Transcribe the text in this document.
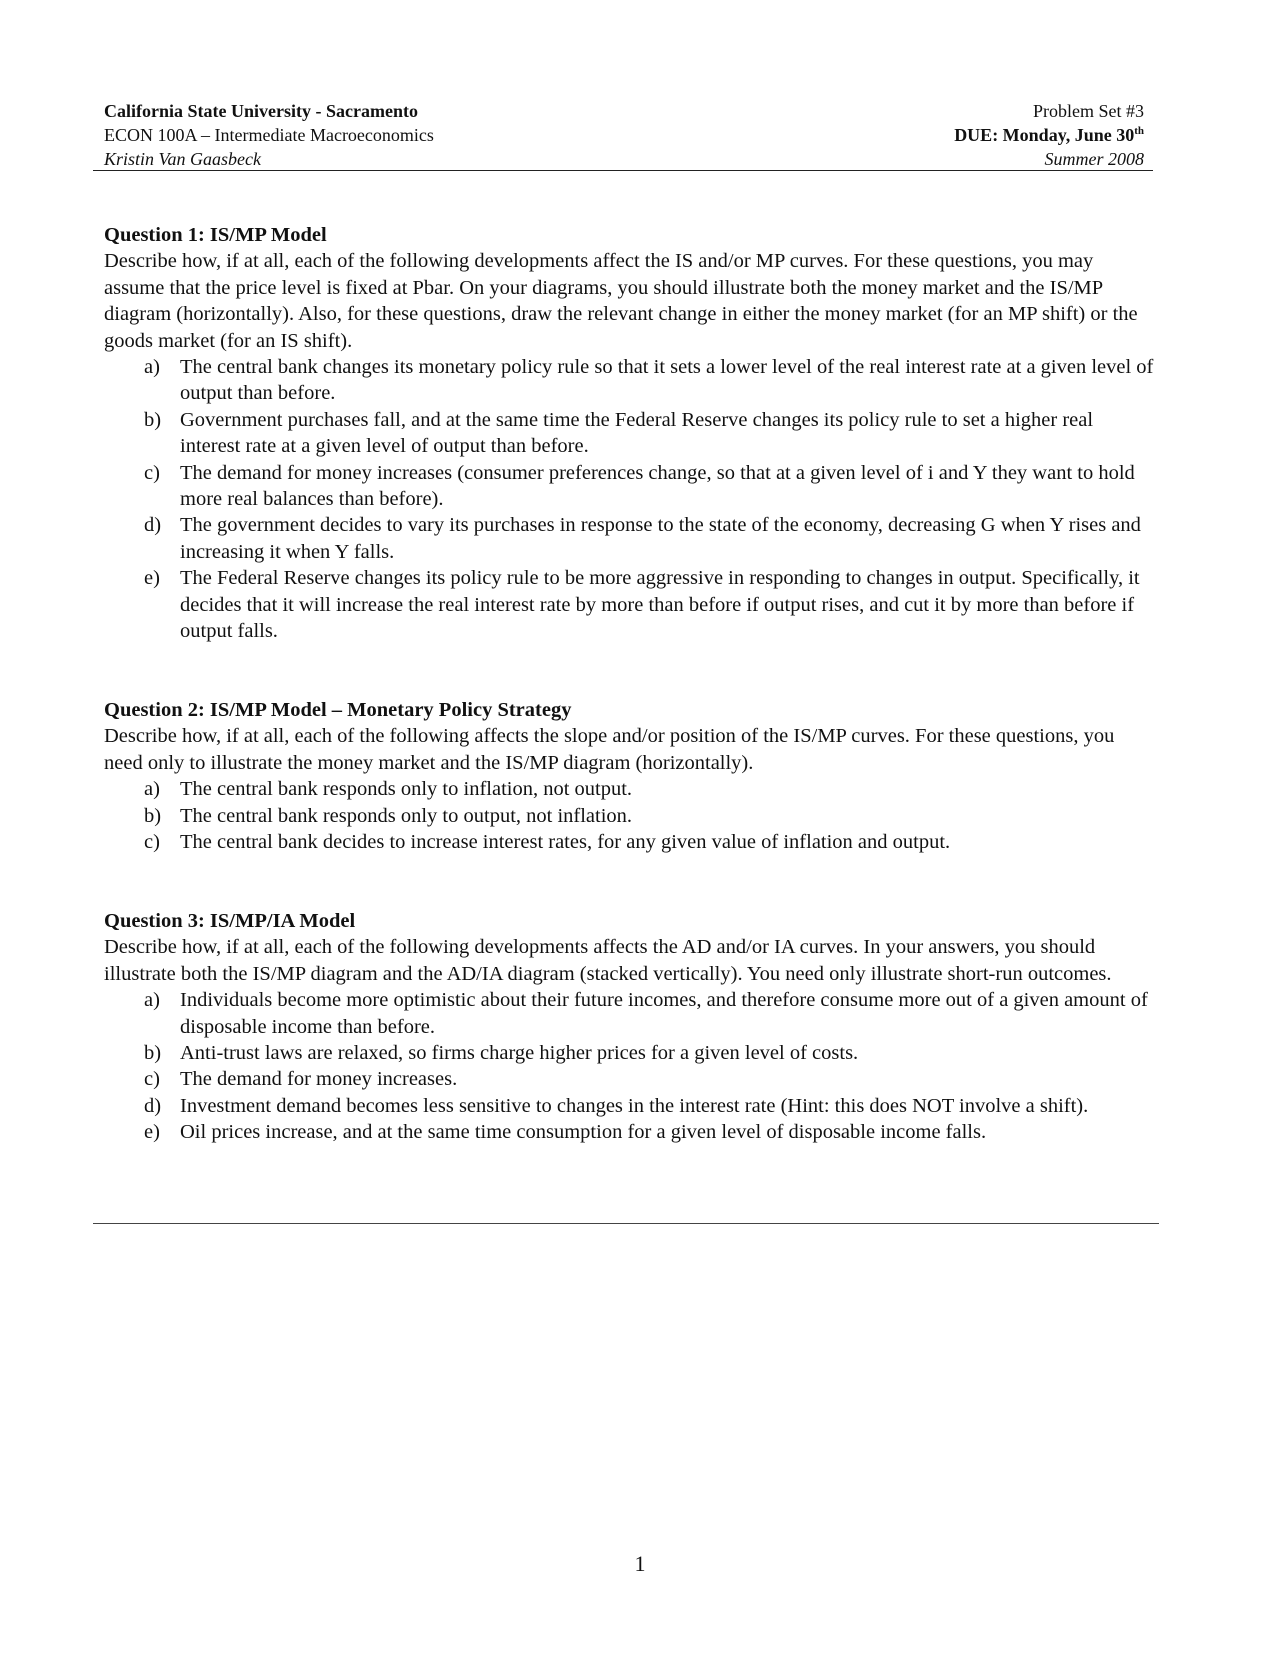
California State University - Sacramento	Problem Set #3
ECON 100A – Intermediate Macroeconomics	DUE: Monday, June 30th
Kristin Van Gaasbeck	Summer 2008
Question 1: IS/MP Model

Describe how, if at all, each of the following developments affect the IS and/or MP curves. For these questions, you may assume that the price level is fixed at Pbar. On your diagrams, you should illustrate both the money market and the IS/MP diagram (horizontally). Also, for these questions, draw the relevant change in either the money market (for an MP shift) or the goods market (for an IS shift).

a) The central bank changes its monetary policy rule so that it sets a lower level of the real interest rate at a given level of output than before.
b) Government purchases fall, and at the same time the Federal Reserve changes its policy rule to set a higher real interest rate at a given level of output than before.
c) The demand for money increases (consumer preferences change, so that at a given level of i and Y they want to hold more real balances than before).
d) The government decides to vary its purchases in response to the state of the economy, decreasing G when Y rises and increasing it when Y falls.
e) The Federal Reserve changes its policy rule to be more aggressive in responding to changes in output. Specifically, it decides that it will increase the real interest rate by more than before if output rises, and cut it by more than before if output falls.
Question 2: IS/MP Model – Monetary Policy Strategy

Describe how, if at all, each of the following affects the slope and/or position of the IS/MP curves. For these questions, you need only to illustrate the money market and the IS/MP diagram (horizontally).

a) The central bank responds only to inflation, not output.
b) The central bank responds only to output, not inflation.
c) The central bank decides to increase interest rates, for any given value of inflation and output.
Question 3: IS/MP/IA Model

Describe how, if at all, each of the following developments affects the AD and/or IA curves. In your answers, you should illustrate both the IS/MP diagram and the AD/IA diagram (stacked vertically). You need only illustrate short-run outcomes.

a) Individuals become more optimistic about their future incomes, and therefore consume more out of a given amount of disposable income than before.
b) Anti-trust laws are relaxed, so firms charge higher prices for a given level of costs.
c) The demand for money increases.
d) Investment demand becomes less sensitive to changes in the interest rate (Hint: this does NOT involve a shift).
e) Oil prices increase, and at the same time consumption for a given level of disposable income falls.
1
